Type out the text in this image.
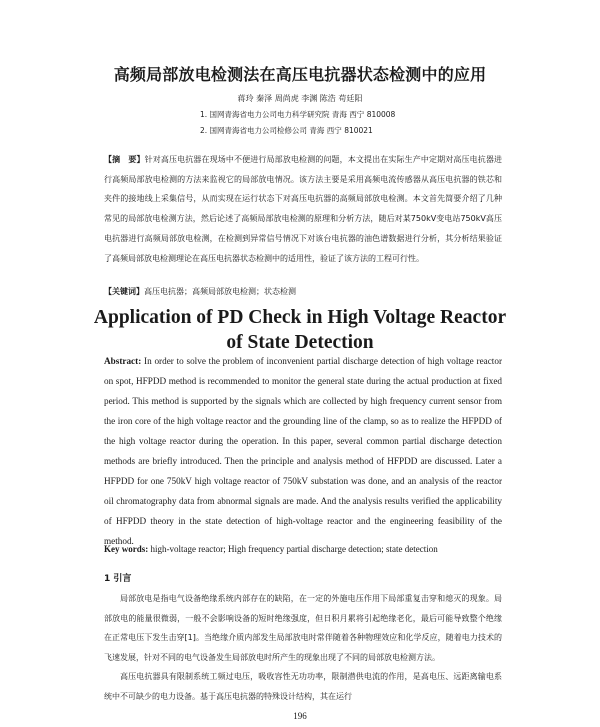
高频局部放电检测法在高压电抗器状态检测中的应用
蒋玲 秦泽 周尚虎 李渊 陈浩 苟廷阳
1. 国网青海省电力公司电力科学研究院 青海 西宁 810008
2. 国网青海省电力公司检修公司 青海 西宁 810021
【摘　要】针对高压电抗器在现场中不便进行局部放电检测的问题，本文提出在实际生产中定期对高压电抗器进行高频局部放电检测的方法来监视它的局部放电情况。该方法主要是采用高频电流传感器从高压电抗器的铁芯和夹件的接地线上采集信号，从而实现在运行状态下对高压电抗器的高频局部放电检测。本文首先简要介绍了几种常见的局部放电检测方法，然后论述了高频局部放电检测的原理和分析方法，随后对某750kV变电站750kV高压电抗器进行高频局部放电检测，在检测到异常信号情况下对该台电抗器的油色谱数据进行分析，其分析结果验证了高频局部放电检测理论在高压电抗器状态检测中的适用性，验证了该方法的工程可行性。
【关键词】高压电抗器；高频局部放电检测；状态检测
Application of PD Check in High Voltage Reactor
of State Detection
Abstract: In order to solve the problem of inconvenient partial discharge detection of high voltage reactor on spot, HFPDD method is recommended to monitor the general state during the actual production at fixed period. This method is supported by the signals which are collected by high frequency current sensor from the iron core of the high voltage reactor and the grounding line of the clamp, so as to realize the HFPDD of the high voltage reactor during the operation. In this paper, several common partial discharge detection methods are briefly introduced. Then the principle and analysis method of HFPDD are discussed. Later a HFPDD for one 750kV high voltage reactor of 750kV substation was done, and an analysis of the reactor oil chromatography data from abnormal signals are made. And the analysis results verified the applicability of HFPDD theory in the state detection of high-voltage reactor and the engineering feasibility of the method.
Key words: high-voltage reactor; High frequency partial discharge detection; state detection
1 引言
局部放电是指电气设备绝缘系统内部存在的缺陷，在一定的外施电压作用下局部重复击穿和熄灭的现象。局部放电的能量很微弱，一般不会影响设备的短时绝缘强度，但日积月累将引起绝缘老化，最后可能导致整个绝缘在正常电压下发生击穿[1]。当绝缘介质内部发生局部放电时常伴随着各种物理效应和化学反应，随着电力技术的飞速发展，针对不同的电气设备发生局部放电时所产生的现象出现了不同的局部放电检测方法。
高压电抗器具有限制系统工频过电压，吸收容性无功功率，限制潜供电流的作用，是高电压、远距离输电系统中不可缺少的电力设备。基于高压电抗器的特殊设计结构，其在运行
196
